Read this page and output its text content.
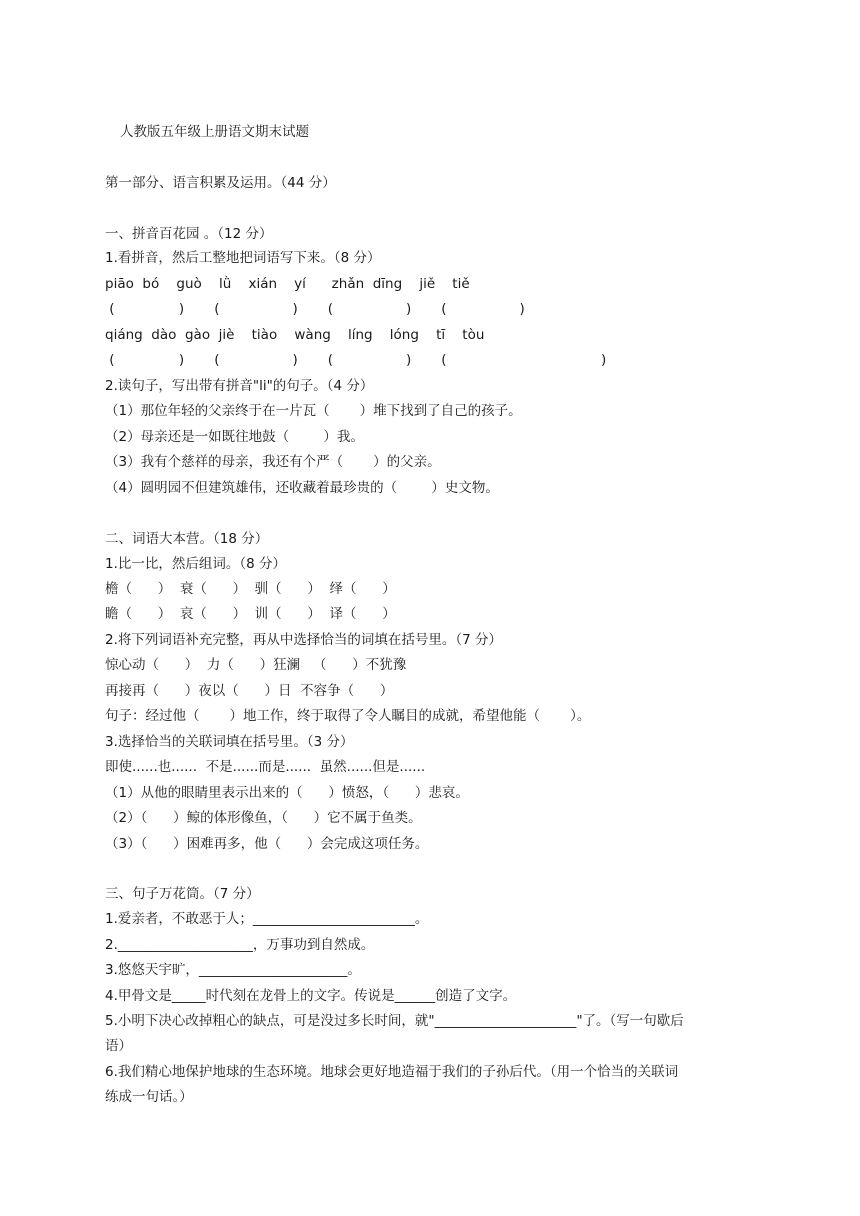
人教版五年级上册语文期末试题
第一部分、语言积累及运用。（44 分）
一、拼音百花园 。（12 分）
1.看拼音，然后工整地把词语写下来。（8 分）
piāo  bó    guò    lǜ    xián    yí      zhǎn  dīng    jiě    tiě
(               )       (                 )       (                 )       (                 )
qiáng  dào  gào  jiè    tiào    wàng    líng    lóng    tī    tòu
(               )       (                 )       (                 )       (                                    )
2.读句子，写出带有拼音"li"的句子。（4 分）
（1）那位年轻的父亲终于在一片瓦（       ）堆下找到了自己的孩子。
（2）母亲还是一如既往地鼓（        ）我。
（3）我有个慈祥的母亲，我还有个严（       ）的父亲。
（4）圆明园不但建筑雄伟，还收藏着最珍贵的（        ）史文物。
二、词语大本营。（18 分）
1.比一比，然后组词。（8 分）
檐（      ）  衰（      ）  驯（      ）  绎（      ）
瞻（      ）  哀（      ）  训（      ）  译（      ）
2.将下列词语补充完整，再从中选择恰当的词填在括号里。（7 分）
惊心动（      ）  力（      ）狂澜   （      ）不犹豫
再接再（      ）夜以（      ）日  不容争（      ）
句子：经过他（       ）地工作，终于取得了令人瞩目的成就，希望他能（       ）。
3.选择恰当的关联词填在括号里。（3 分）
即使......也......  不是......而是......  虽然......但是......
（1）从他的眼睛里表示出来的（      ）愤怒，（      ）悲哀。
（2）（      ）鲸的体形像鱼，（      ）它不属于鱼类。
（3）（      ）困难再多，他（      ）会完成这项任务。
三、句子万花筒。（7 分）
1.爱亲者，不敢恶于人；________________________。
2.____________________，万事功到自然成。
3.悠悠天宇旷，______________________。
4.甲骨文是_____时代刻在龙骨上的文字。传说是______创造了文字。
5.小明下决心改掉粗心的缺点，可是没过多长时间，就"_____________________"了。（写一句歇后
语）
6.我们精心地保护地球的生态环境。地球会更好地造福于我们的子孙后代。（用一个恰当的关联词
练成一句话。）
